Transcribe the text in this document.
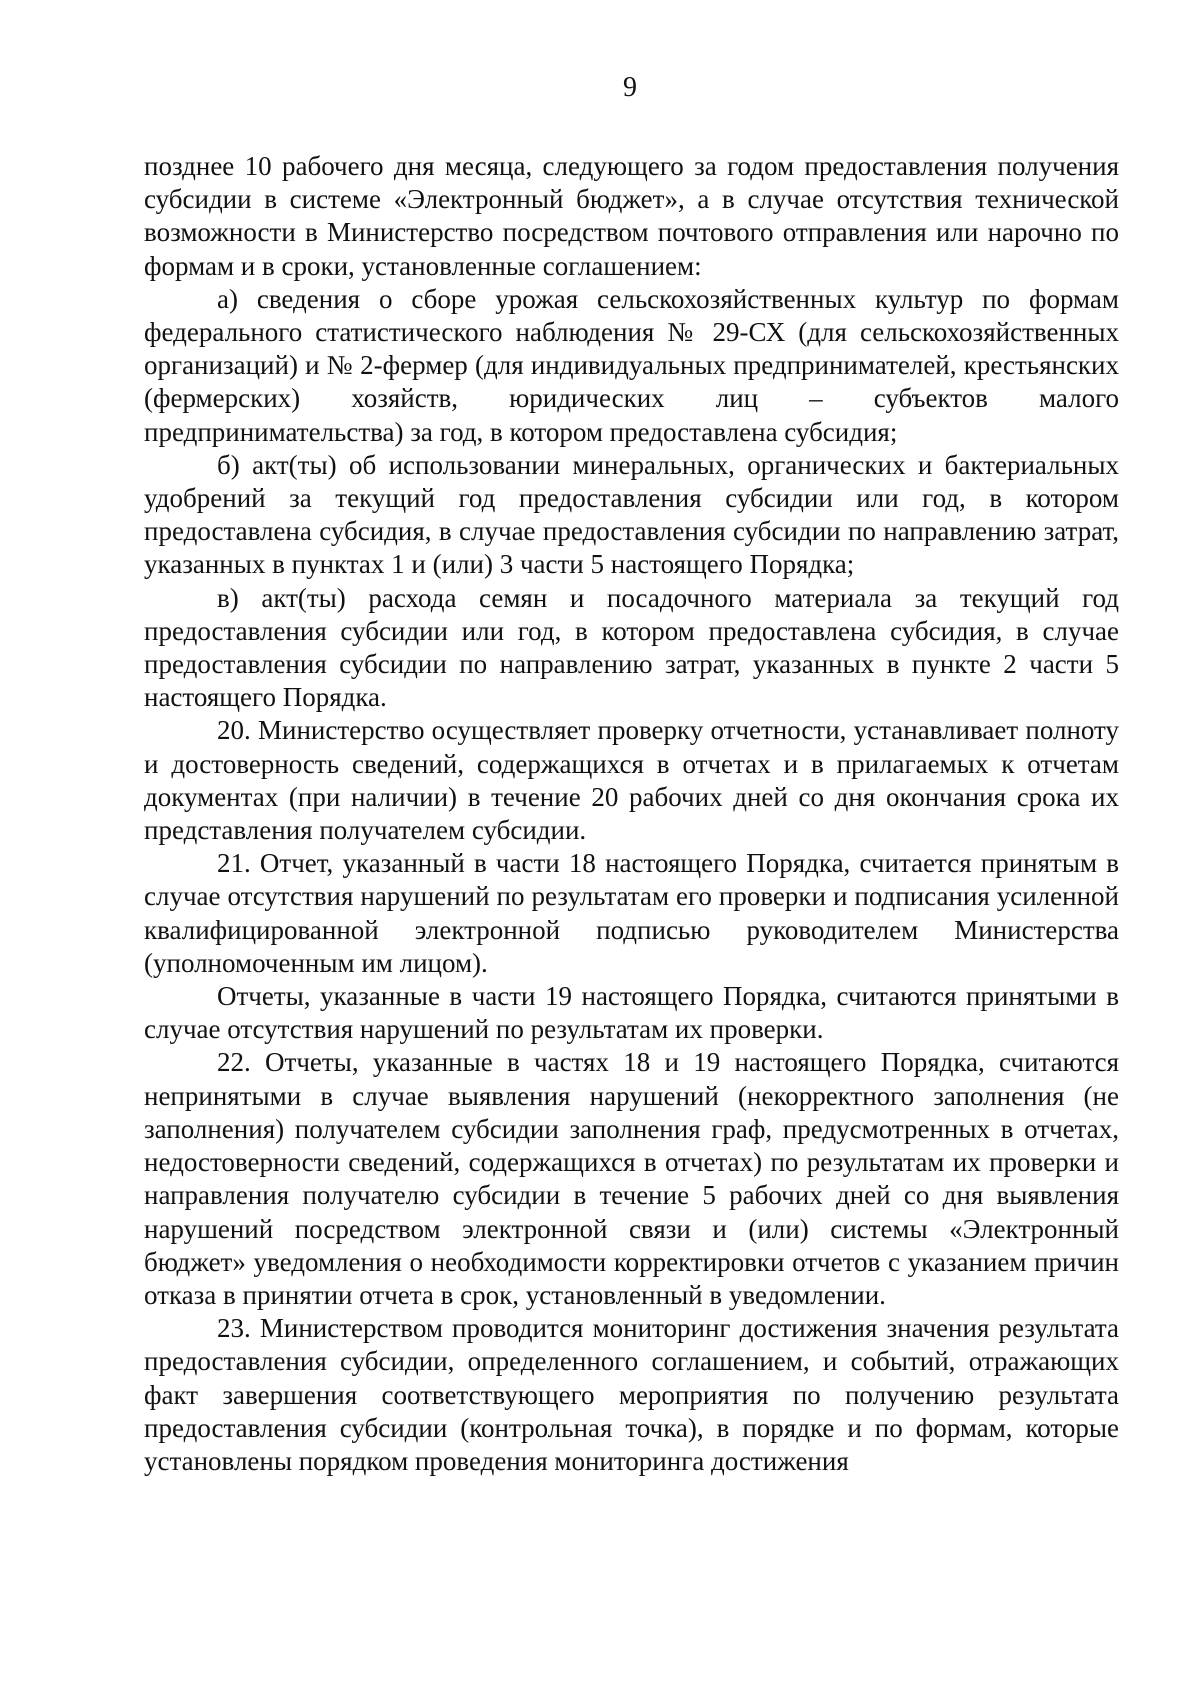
9

позднее 10 рабочего дня месяца, следующего за годом предоставления получения субсидии в системе «Электронный бюджет», а в случае отсутствия технической возможности в Министерство посредством почтового отправления или нарочно по формам и в сроки, установленные соглашением:

а) сведения о сборе урожая сельскохозяйственных культур по формам федерального статистического наблюдения № 29-СХ (для сельскохозяйственных организаций) и № 2-фермер (для индивидуальных предпринимателей, крестьянских (фермерских) хозяйств, юридических лиц – субъектов малого предпринимательства) за год, в котором предоставлена субсидия;

б) акт(ты) об использовании минеральных, органических и бактериальных удобрений за текущий год предоставления субсидии или год, в котором предоставлена субсидия, в случае предоставления субсидии по направлению затрат, указанных в пунктах 1 и (или) 3 части 5 настоящего Порядка;

в) акт(ты) расхода семян и посадочного материала за текущий год предоставления субсидии или год, в котором предоставлена субсидия, в случае предоставления субсидии по направлению затрат, указанных в пункте 2 части 5 настоящего Порядка.

20. Министерство осуществляет проверку отчетности, устанавливает полноту и достоверность сведений, содержащихся в отчетах и в прилагаемых к отчетам документах (при наличии) в течение 20 рабочих дней со дня окончания срока их представления получателем субсидии.

21. Отчет, указанный в части 18 настоящего Порядка, считается принятым в случае отсутствия нарушений по результатам его проверки и подписания усиленной квалифицированной электронной подписью руководителем Министерства (уполномоченным им лицом).

Отчеты, указанные в части 19 настоящего Порядка, считаются принятыми в случае отсутствия нарушений по результатам их проверки.

22. Отчеты, указанные в частях 18 и 19 настоящего Порядка, считаются непринятыми в случае выявления нарушений (некорректного заполнения (не заполнения) получателем субсидии заполнения граф, предусмотренных в отчетах, недостоверности сведений, содержащихся в отчетах) по результатам их проверки и направления получателю субсидии в течение 5 рабочих дней со дня выявления нарушений посредством электронной связи и (или) системы «Электронный бюджет» уведомления о необходимости корректировки отчетов с указанием причин отказа в принятии отчета в срок, установленный в уведомлении.

23. Министерством проводится мониторинг достижения значения результата предоставления субсидии, определенного соглашением, и событий, отражающих факт завершения соответствующего мероприятия по получению результата предоставления субсидии (контрольная точка), в порядке и по формам, которые установлены порядком проведения мониторинга достижения
